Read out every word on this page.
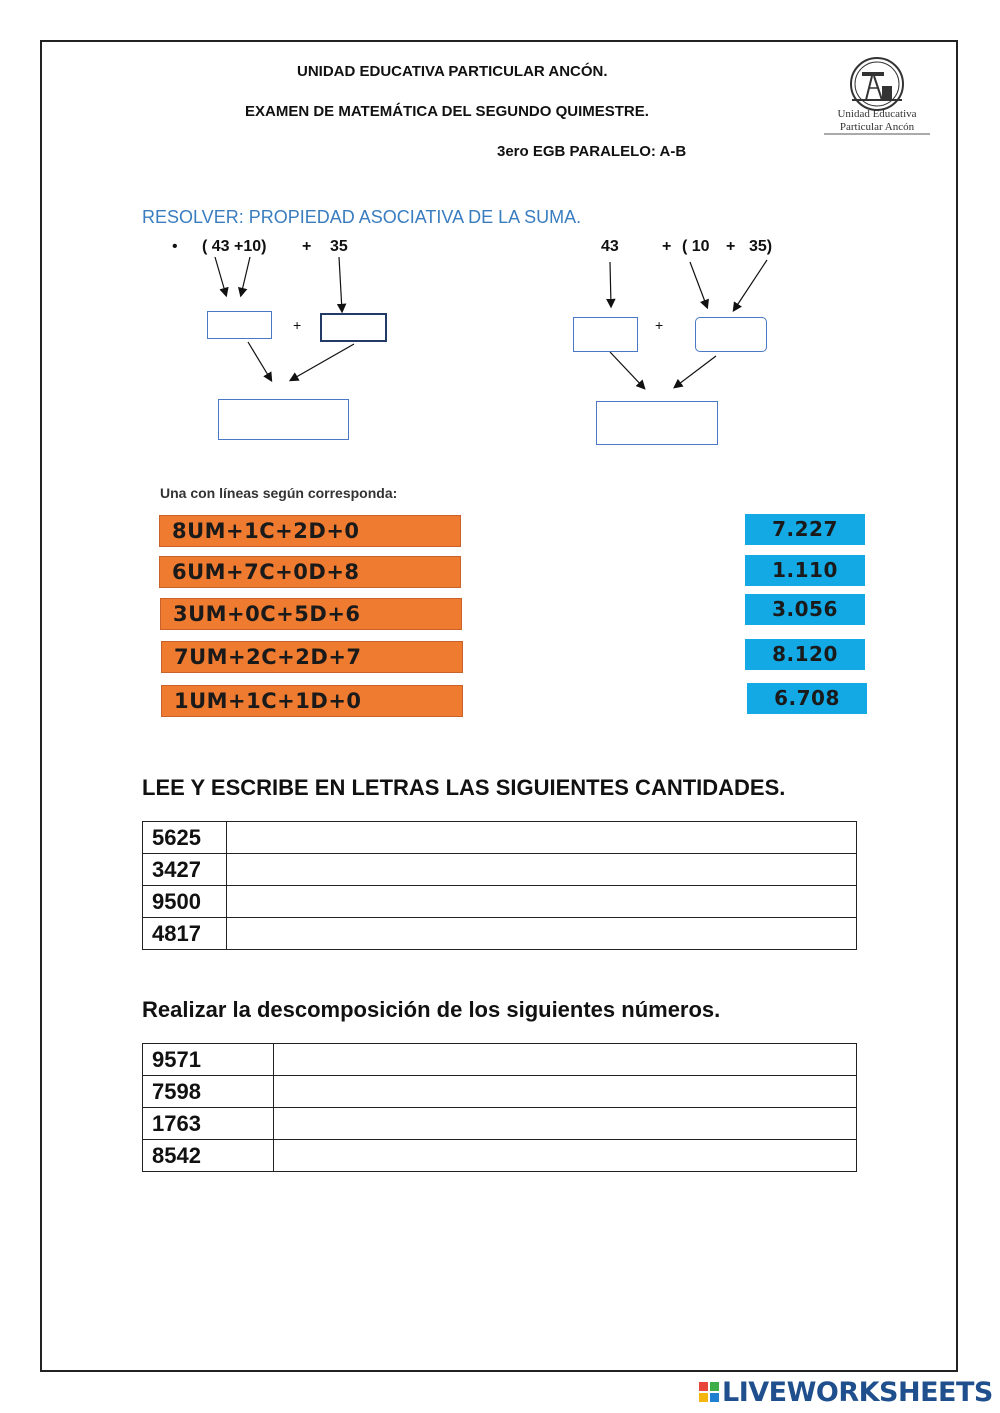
UNIDAD EDUCATIVA PARTICULAR ANCÓN.
EXAMEN DE MATEMÁTICA DEL SEGUNDO QUIMESTRE.
3ero EGB PARALELO: A-B
Unidad Educativa
Particular Ancón
RESOLVER: PROPIEDAD ASOCIATIVA DE LA SUMA.
• ( 43 +10) + 35	43	+ ( 10 + 35)
+	+
Una con líneas según corresponda:
8UM+1C+2D+0
6UM+7C+0D+8
3UM+0C+5D+6
7UM+2C+2D+7
1UM+1C+1D+0
7.227
1.110
3.056
8.120
6.708
LEE Y ESCRIBE EN LETRAS LAS SIGUIENTES CANTIDADES.
5625	
3427	
9500	
4817	
Realizar la descomposición de los siguientes números.
9571	
7598	
1763	
8542	
LIVEWORKSHEETS
